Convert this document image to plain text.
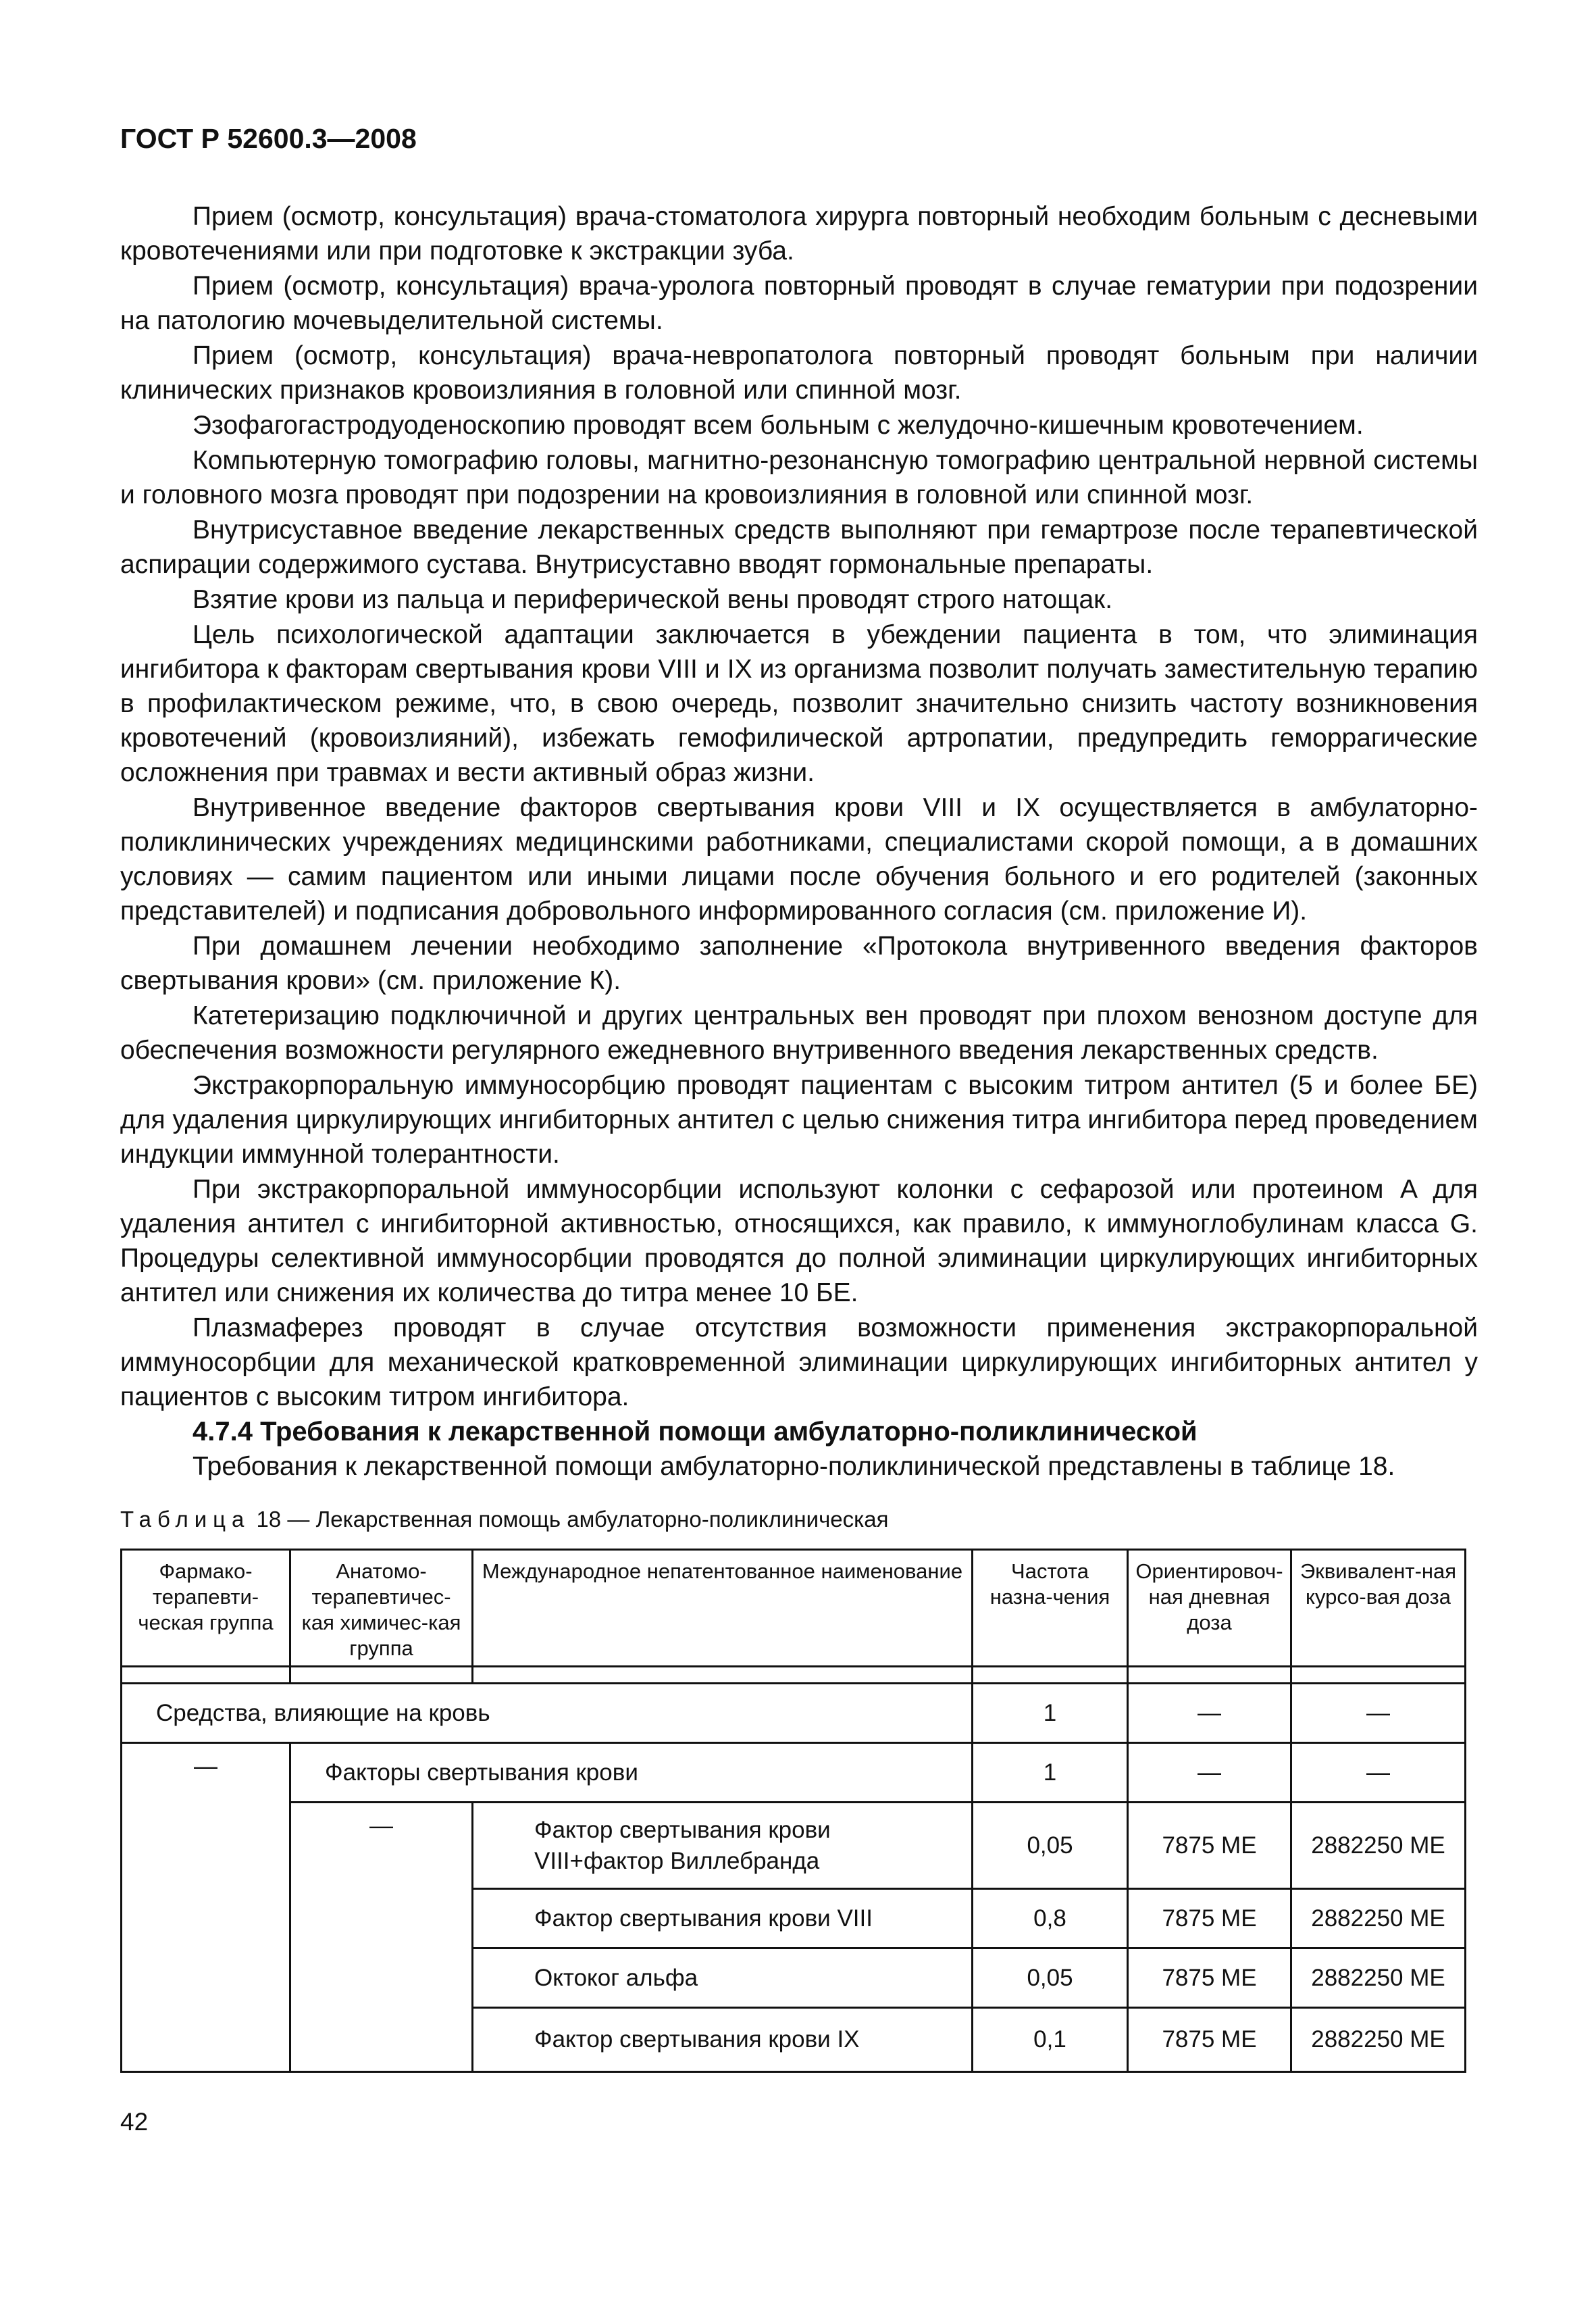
ГОСТ Р 52600.3—2008

Прием (осмотр, консультация) врача-стоматолога хирурга повторный необходим больным с десневыми кровотечениями или при подготовке к экстракции зуба.

Прием (осмотр, консультация) врача-уролога повторный проводят в случае гематурии при подозрении на патологию мочевыделительной системы.

Прием (осмотр, консультация) врача-невропатолога повторный проводят больным при наличии клинических признаков кровоизлияния в головной или спинной мозг.

Эзофагогастродуоденоскопию проводят всем больным с желудочно-кишечным кровотечением.

Компьютерную томографию головы, магнитно-резонансную томографию центральной нервной системы и головного мозга проводят при подозрении на кровоизлияния в головной или спинной мозг.

Внутрисуставное введение лекарственных средств выполняют при гемартрозе после терапевтической аспирации содержимого сустава. Внутрисуставно вводят гормональные препараты.

Взятие крови из пальца и периферической вены проводят строго натощак.

Цель психологической адаптации заключается в убеждении пациента в том, что элиминация ингибитора к факторам свертывания крови VIII и IX из организма позволит получать заместительную терапию в профилактическом режиме, что, в свою очередь, позволит значительно снизить частоту возникновения кровотечений (кровоизлияний), избежать гемофилической артропатии, предупредить геморрагические осложнения при травмах и вести активный образ жизни.

Внутривенное введение факторов свертывания крови VIII и IX осуществляется в амбулаторно-поликлинических учреждениях медицинскими работниками, специалистами скорой помощи, а в домашних условиях — самим пациентом или иными лицами после обучения больного и его родителей (законных представителей) и подписания добровольного информированного согласия (см. приложение И).

При домашнем лечении необходимо заполнение «Протокола внутривенного введения факторов свертывания крови» (см. приложение К).

Катетеризацию подключичной и других центральных вен проводят при плохом венозном доступе для обеспечения возможности регулярного ежедневного внутривенного введения лекарственных средств.

Экстракорпоральную иммуносорбцию проводят пациентам с высоким титром антител (5 и более БЕ) для удаления циркулирующих ингибиторных антител с целью снижения титра ингибитора перед проведением индукции иммунной толерантности.

При экстракорпоральной иммуносорбции используют колонки с сефарозой или протеином A для удаления антител с ингибиторной активностью, относящихся, как правило, к иммуноглобулинам класса G. Процедуры селективной иммуносорбции проводятся до полной элиминации циркулирующих ингибиторных антител или снижения их количества до титра менее 10 БЕ.

Плазмаферез проводят в случае отсутствия возможности применения экстракорпоральной иммуносорбции для механической кратковременной элиминации циркулирующих ингибиторных антител у пациентов с высоким титром ингибитора.

4.7.4 Требования к лекарственной помощи амбулаторно-поликлинической

Требования к лекарственной помощи амбулаторно-поликлинической представлены в таблице 18.

Таблица 18 — Лекарственная помощь амбулаторно-поликлиническая
Фармако-терапевти-ческая группа	Анатомо-терапевтичес-кая химичес-кая группа	Международное непатентованное наименование	Частота назна-чения	Ориентировоч-ная дневная доза	Эквивалент-ная курсо-вая доза

Средства, влияющие на кровь			1	—	—
—	Факторы свертывания крови		1	—	—
	—	Фактор свертывания крови
VIII+фактор Виллебранда	0,05	7875 МЕ	2882250 МЕ
		Фактор свертывания крови VIII	0,8	7875 МЕ	2882250 МЕ
		Октоког альфа	0,05	7875 МЕ	2882250 МЕ
		Фактор свертывания крови IX	0,1	7875 МЕ	2882250 МЕ
42
